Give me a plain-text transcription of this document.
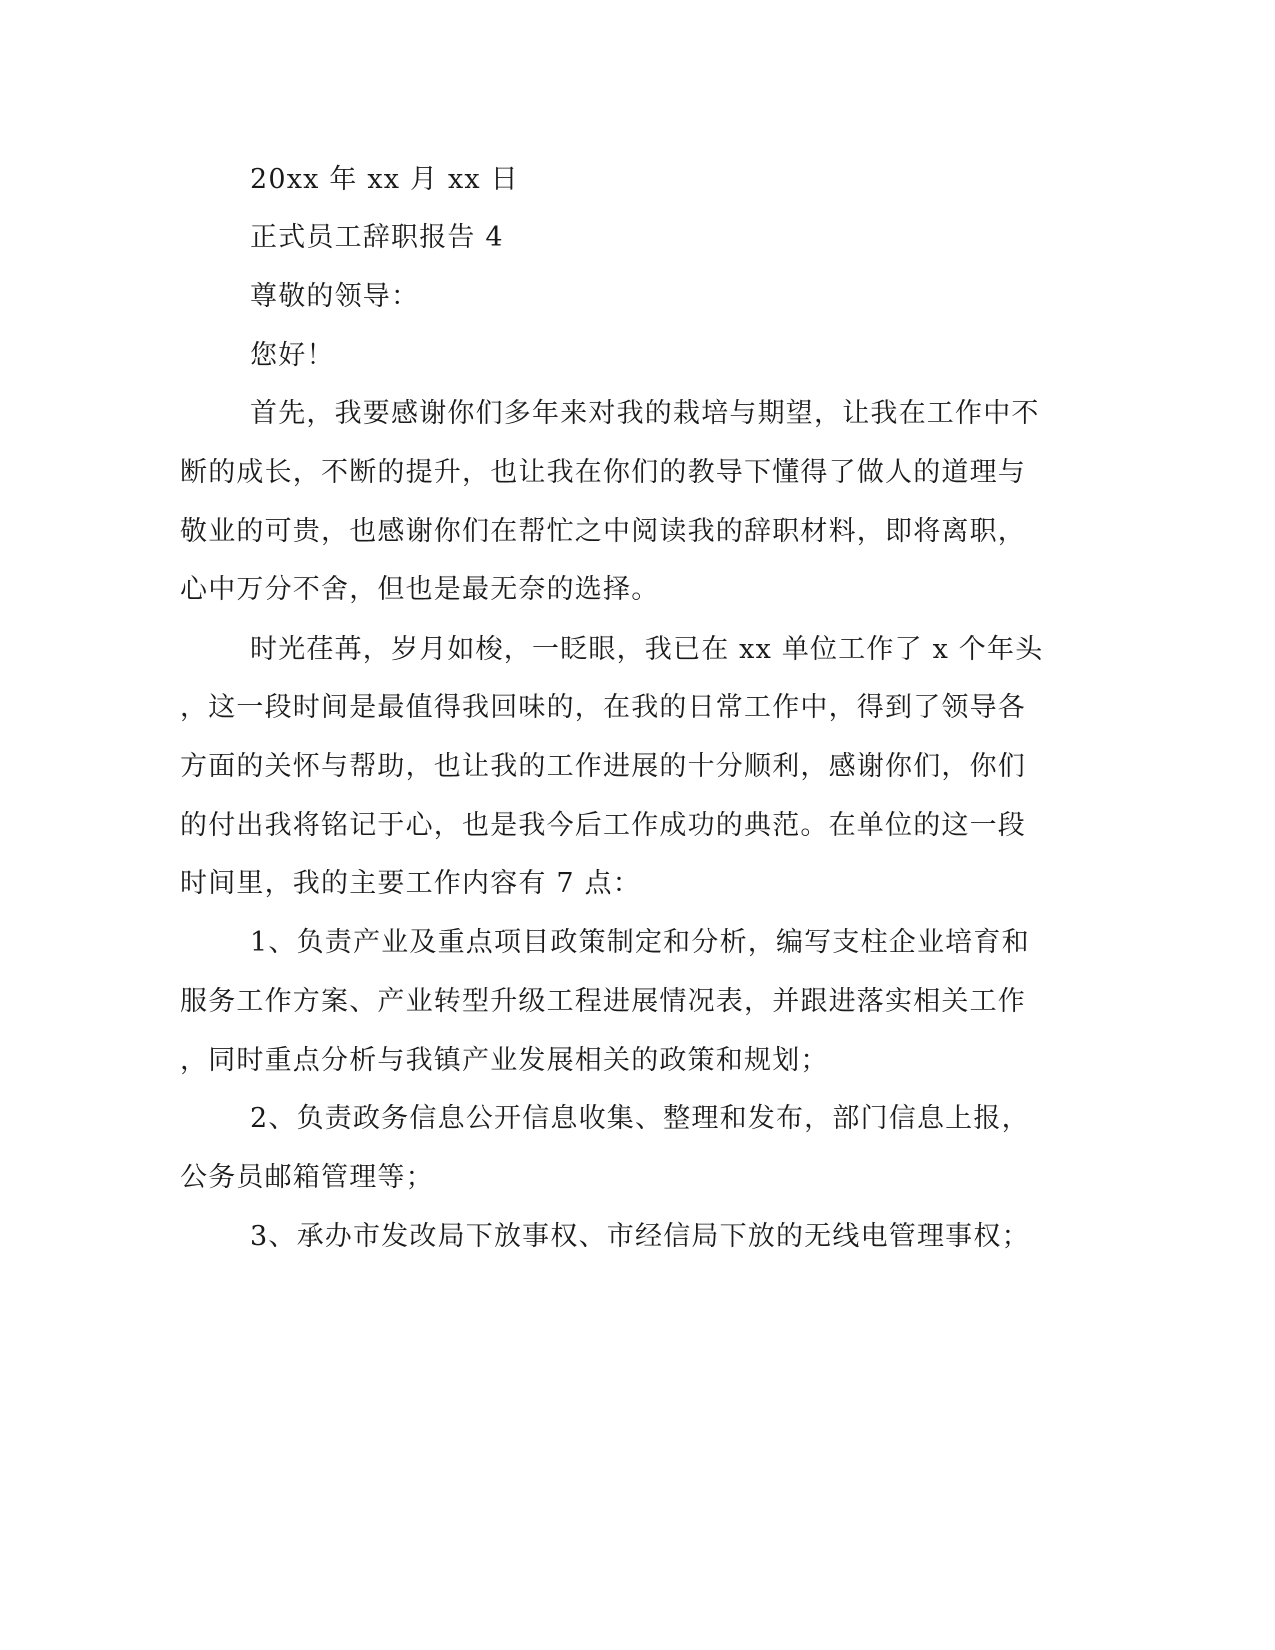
20xx 年 xx 月 xx 日
正式员工辞职报告 4
尊敬的领导：
您好！
首先，我要感谢你们多年来对我的栽培与期望，让我在工作中不
断的成长，不断的提升，也让我在你们的教导下懂得了做人的道理与
敬业的可贵，也感谢你们在帮忙之中阅读我的辞职材料，即将离职，
心中万分不舍，但也是最无奈的选择。
时光荏苒，岁月如梭，一眨眼，我已在 xx 单位工作了 x 个年头
，这一段时间是最值得我回味的，在我的日常工作中，得到了领导各
方面的关怀与帮助，也让我的工作进展的十分顺利，感谢你们，你们
的付出我将铭记于心，也是我今后工作成功的典范。在单位的这一段
时间里，我的主要工作内容有 7 点：
1、负责产业及重点项目政策制定和分析，编写支柱企业培育和
服务工作方案、产业转型升级工程进展情况表，并跟进落实相关工作
，同时重点分析与我镇产业发展相关的政策和规划；
2、负责政务信息公开信息收集、整理和发布，部门信息上报，
公务员邮箱管理等；
3、承办市发改局下放事权、市经信局下放的无线电管理事权；
